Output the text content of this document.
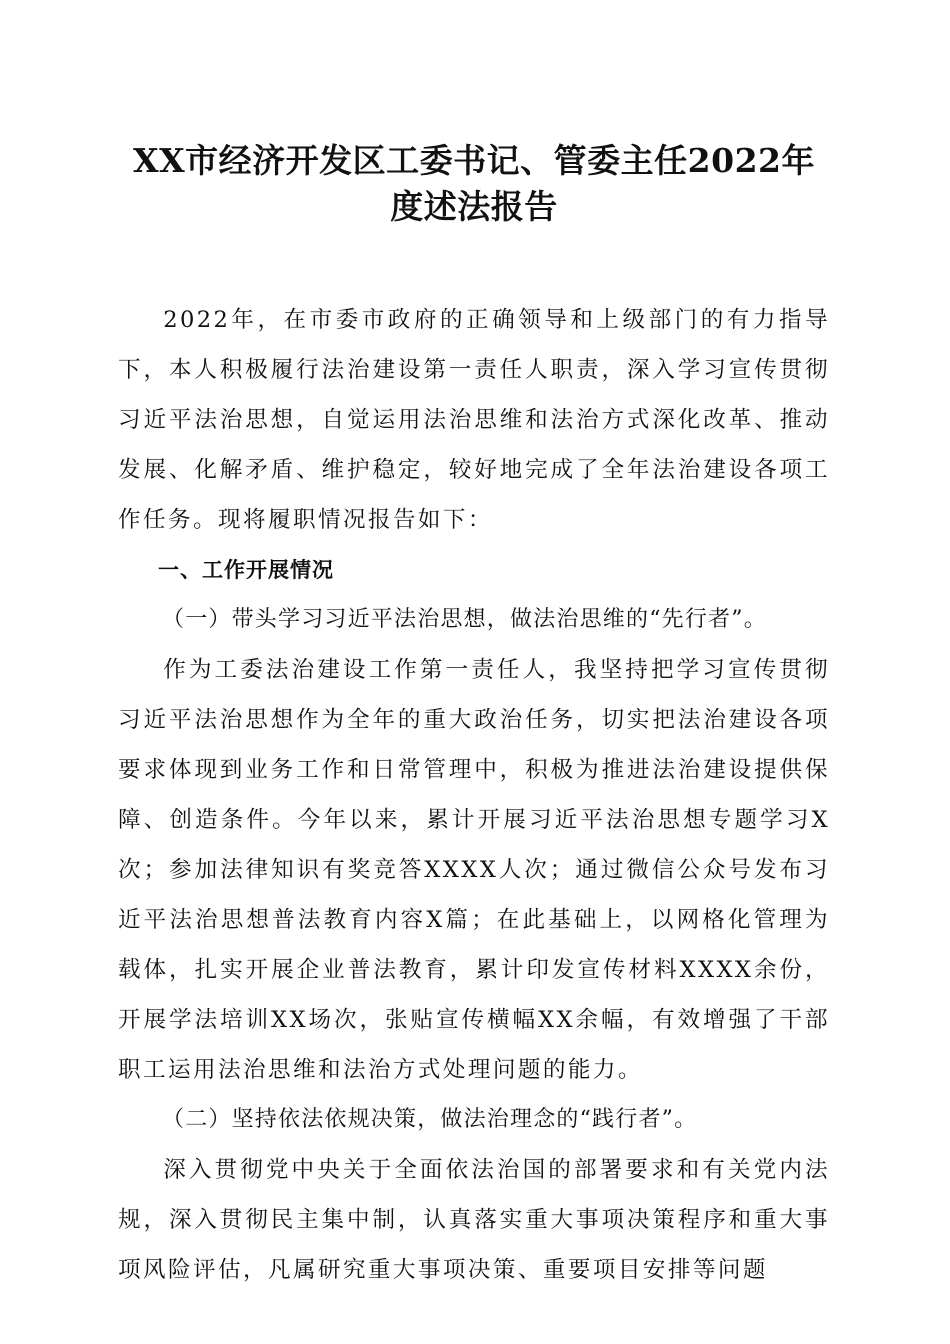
XX市经济开发区工委书记、管委主任2022年
度述法报告

2022年，在市委市政府的正确领导和上级部门的有力指导下，本人积极履行法治建设第一责任人职责，深入学习宣传贯彻习近平法治思想，自觉运用法治思维和法治方式深化改革、推动发展、化解矛盾、维护稳定，较好地完成了全年法治建设各项工作任务。现将履职情况报告如下：

一、工作开展情况

（一）带头学习习近平法治思想，做法治思维的“先行者”。

作为工委法治建设工作第一责任人，我坚持把学习宣传贯彻习近平法治思想作为全年的重大政治任务，切实把法治建设各项要求体现到业务工作和日常管理中，积极为推进法治建设提供保障、创造条件。今年以来，累计开展习近平法治思想专题学习X次；参加法律知识有奖竞答XXXX人次；通过微信公众号发布习近平法治思想普法教育内容X篇；在此基础上，以网格化管理为载体，扎实开展企业普法教育，累计印发宣传材料XXXX余份，开展学法培训XX场次，张贴宣传横幅XX余幅，有效增强了干部职工运用法治思维和法治方式处理问题的能力。

（二）坚持依法依规决策，做法治理念的“践行者”。

深入贯彻党中央关于全面依法治国的部署要求和有关党内法规，深入贯彻民主集中制，认真落实重大事项决策程序和重大事项风险评估，凡属研究重大事项决策、重要项目安排等问题
